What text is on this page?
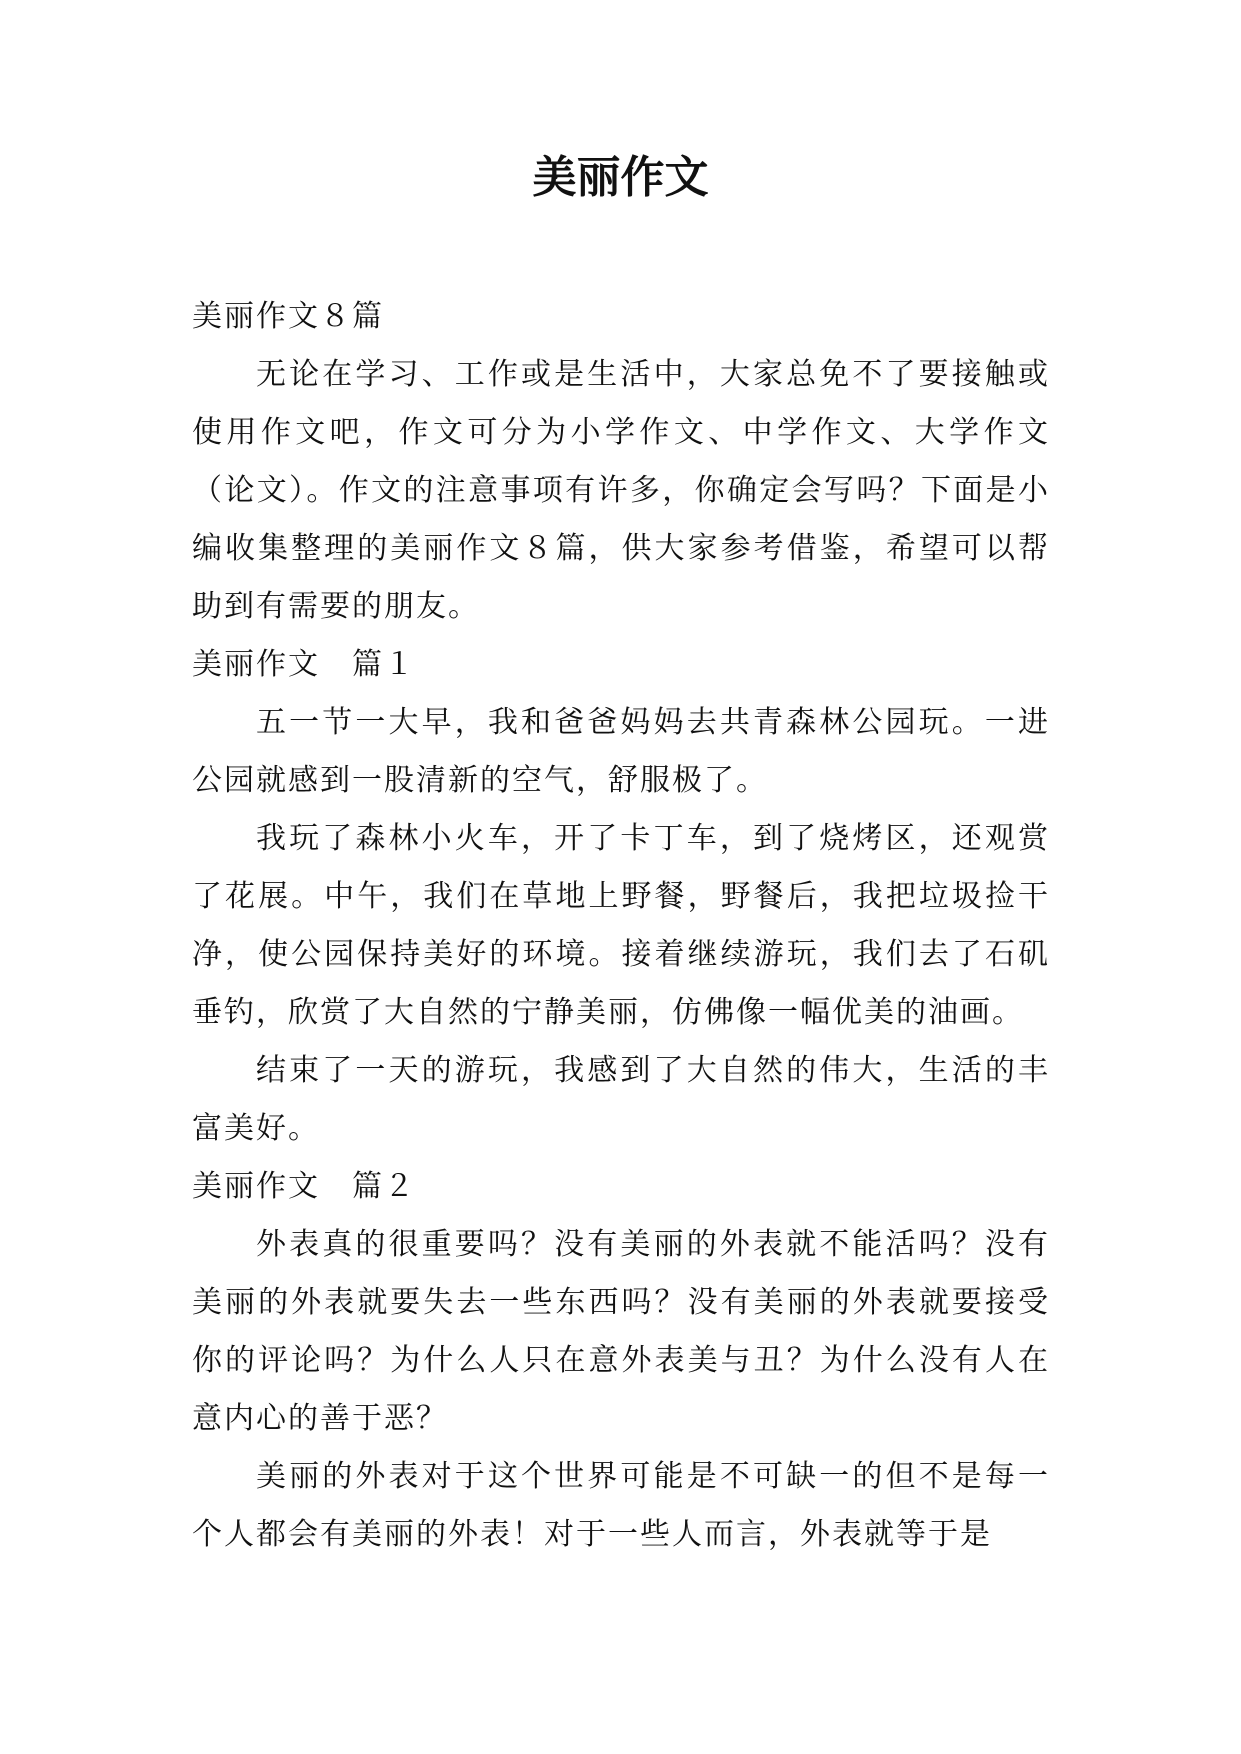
美丽作文

美丽作文８篇

无论在学习、工作或是生活中，大家总免不了要接触或使用作文吧，作文可分为小学作文、中学作文、大学作文（论文）。作文的注意事项有许多，你确定会写吗？下面是小编收集整理的美丽作文８篇，供大家参考借鉴，希望可以帮助到有需要的朋友。

美丽作文　篇１

五一节一大早，我和爸爸妈妈去共青森林公园玩。一进公园就感到一股清新的空气，舒服极了。

我玩了森林小火车，开了卡丁车，到了烧烤区，还观赏了花展。中午，我们在草地上野餐，野餐后，我把垃圾捡干净，使公园保持美好的环境。接着继续游玩，我们去了石矶垂钓，欣赏了大自然的宁静美丽，仿佛像一幅优美的油画。

结束了一天的游玩，我感到了大自然的伟大，生活的丰富美好。

美丽作文　篇２

外表真的很重要吗？没有美丽的外表就不能活吗？没有美丽的外表就要失去一些东西吗？没有美丽的外表就要接受你的评论吗？为什么人只在意外表美与丑？为什么没有人在意内心的善于恶？

美丽的外表对于这个世界可能是不可缺一的但不是每一个人都会有美丽的外表！对于一些人而言，外表就等于是
